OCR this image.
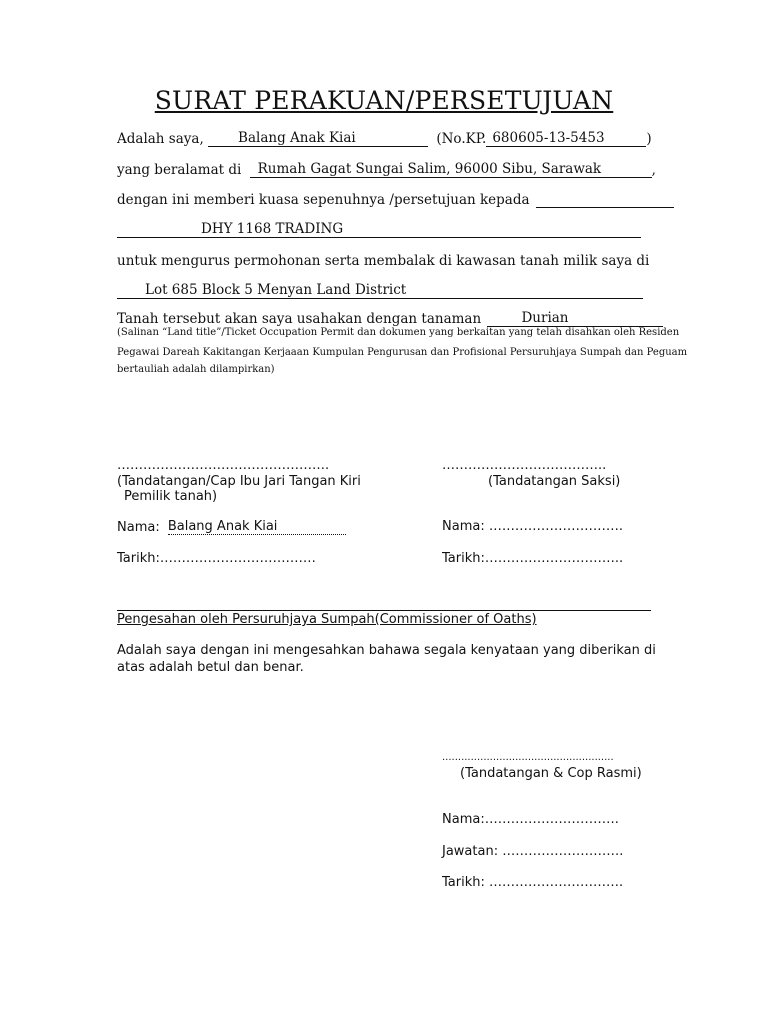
SURAT PERAKUAN/PERSETUJUAN
Adalah saya,	Balang Anak Kiai	(No.KP. 680605-13-5453	)
yang beralamat di Rumah Gagat Sungai Salim, 96000 Sibu, Sarawak	,
dengan ini memberi kuasa sepenuhnya /persetujuan kepada
DHY 1168 TRADING
untuk mengurus permohonan serta membalak di kawasan tanah milik saya di
Lot 685 Block 5 Menyan Land District
Tanah tersebut akan saya usahakan dengan tanaman	Durian
(Salinan “Land title”/Ticket Occupation Permit dan dokumen yang berkaitan yang telah disahkan oleh Residen
Pegawai Dareah Kakitangan Kerjaaan Kumpulan Pengurusan dan Profisional Persuruhjaya Sumpah dan Peguam
bertauliah adalah dilampirkan)
………………………………………….	………………………………..
(Tandatangan/Cap Ibu Jari Tangan Kiri
Pemilik tanah)
(Tandatangan Saksi)
Nama: Balang Anak Kiai	Nama: ………………………….
Tarikh:………………………………	Tarikh:…………………………..
Pengesahan oleh Persuruhjaya Sumpah(Commissioner of Oaths)
Adalah saya dengan ini mengesahkan bahawa segala kenyataan yang diberikan di
atas adalah betul dan benar.
......................................................
(Tandatangan & Cop Rasmi)
Nama:………………………….
Jawatan: ……………………….
Tarikh: ………………………….
